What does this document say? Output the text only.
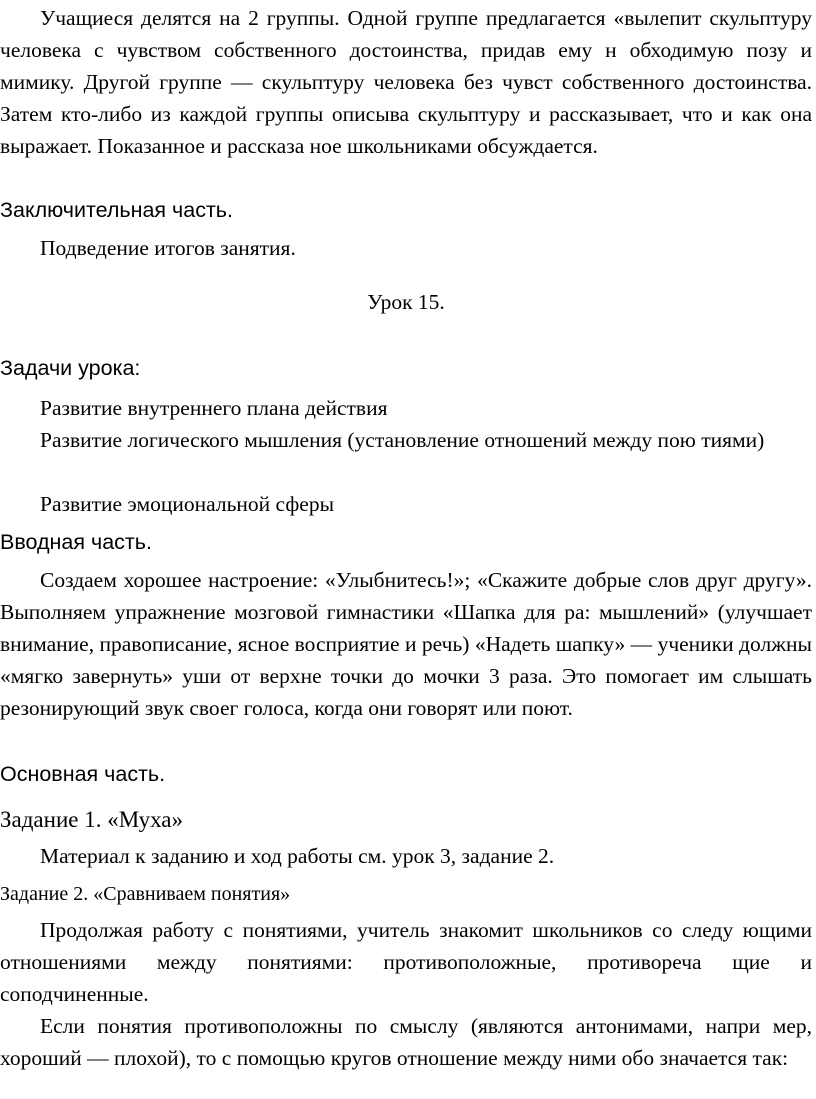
Учащиеся делятся на 2 группы. Одной группе предлагается «вылепит скульптуру человека с чувством собственного достоинства, придав ему н обходимую позу и мимику. Другой группе — скульптуру человека без чувст собственного достоинства. Затем кто-либо из каждой группы описыва скульптуру и рассказывает, что и как она выражает. Показанное и рассказа ное школьниками обсуждается.

Заключительная часть.

Подведение итогов занятия.

Урок 15.

Задачи урока:

Развитие внутреннего плана действия

Развитие логического мышления (установление отношений между пою тиями)

Развитие эмоциональной сферы

Вводная часть.

Создаем хорошее настроение: «Улыбнитесь!»; «Скажите добрые слов друг другу». Выполняем упражнение мозговой гимнастики «Шапка для ра: мышлений» (улучшает внимание, правописание, ясное восприятие и речь) «Надеть шапку» — ученики должны «мягко завернуть» уши от верхне точки до мочки 3 раза. Это помогает им слышать резонирующий звук своег голоса, когда они говорят или поют.

Основная часть.

Задание 1. «Муха»

Материал к заданию и ход работы см. урок 3, задание 2.

Задание 2. «Сравниваем понятия»

Продолжая работу с понятиями, учитель знакомит школьников со следу ющими отношениями между понятиями: противоположные, противореча щие и соподчиненные.

Если понятия противоположны по смыслу (являются антонимами, напри мер, хороший — плохой), то с помощью кругов отношение между ними обо значается так:
